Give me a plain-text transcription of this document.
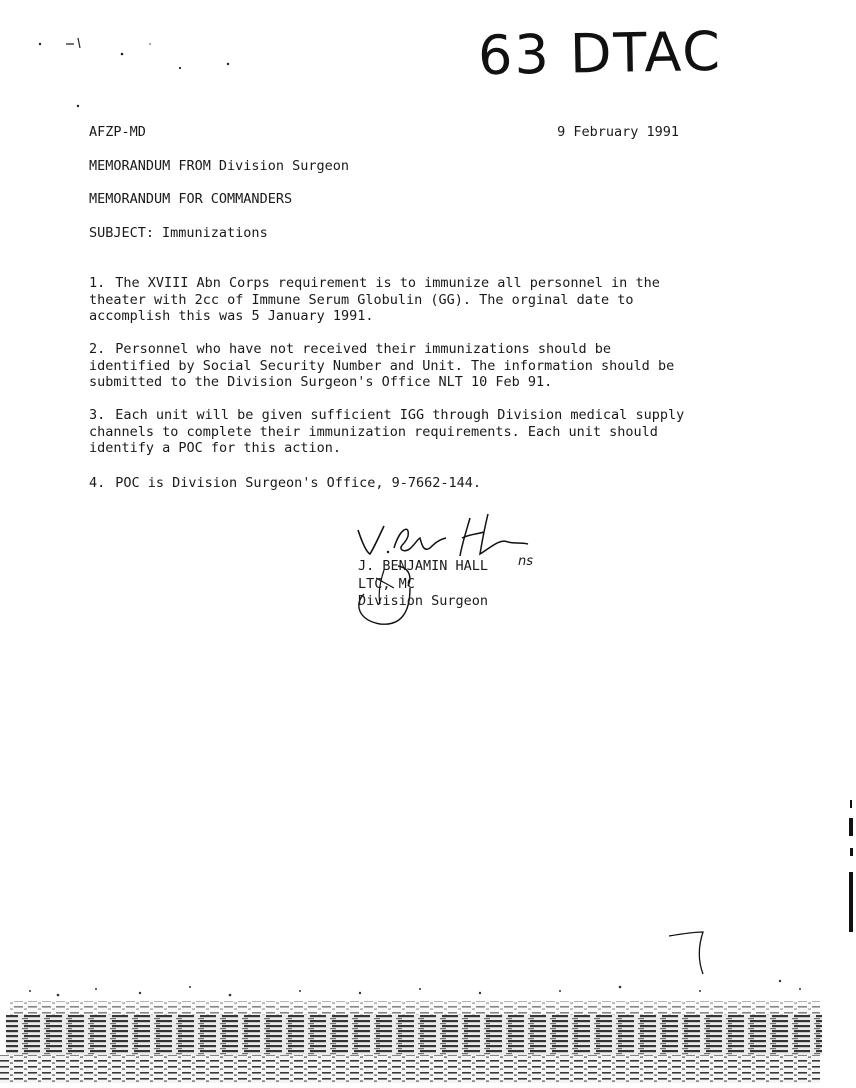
63 DTAC
AFZP-MD	9 February 1991
MEMORANDUM FROM Division Surgeon
MEMORANDUM FOR COMMANDERS
SUBJECT: Immunizations

1. The XVIII Abn Corps requirement is to immunize all personnel in the theater with 2cc of Immune Serum Globulin (GG). The orginal date to accomplish this was 5 January 1991.

2. Personnel who have not received their immunizations should be identified by Social Security Number and Unit. The information should be submitted to the Division Surgeon's Office NLT 10 Feb 91.

3. Each unit will be given sufficient IGG through Division medical supply channels to complete their immunization requirements. Each unit should identify a POC for this action.

4. POC is Division Surgeon's Office, 9-7662-144.

J. BENJAMIN HALL
LTC, MC
Division Surgeon
ns
